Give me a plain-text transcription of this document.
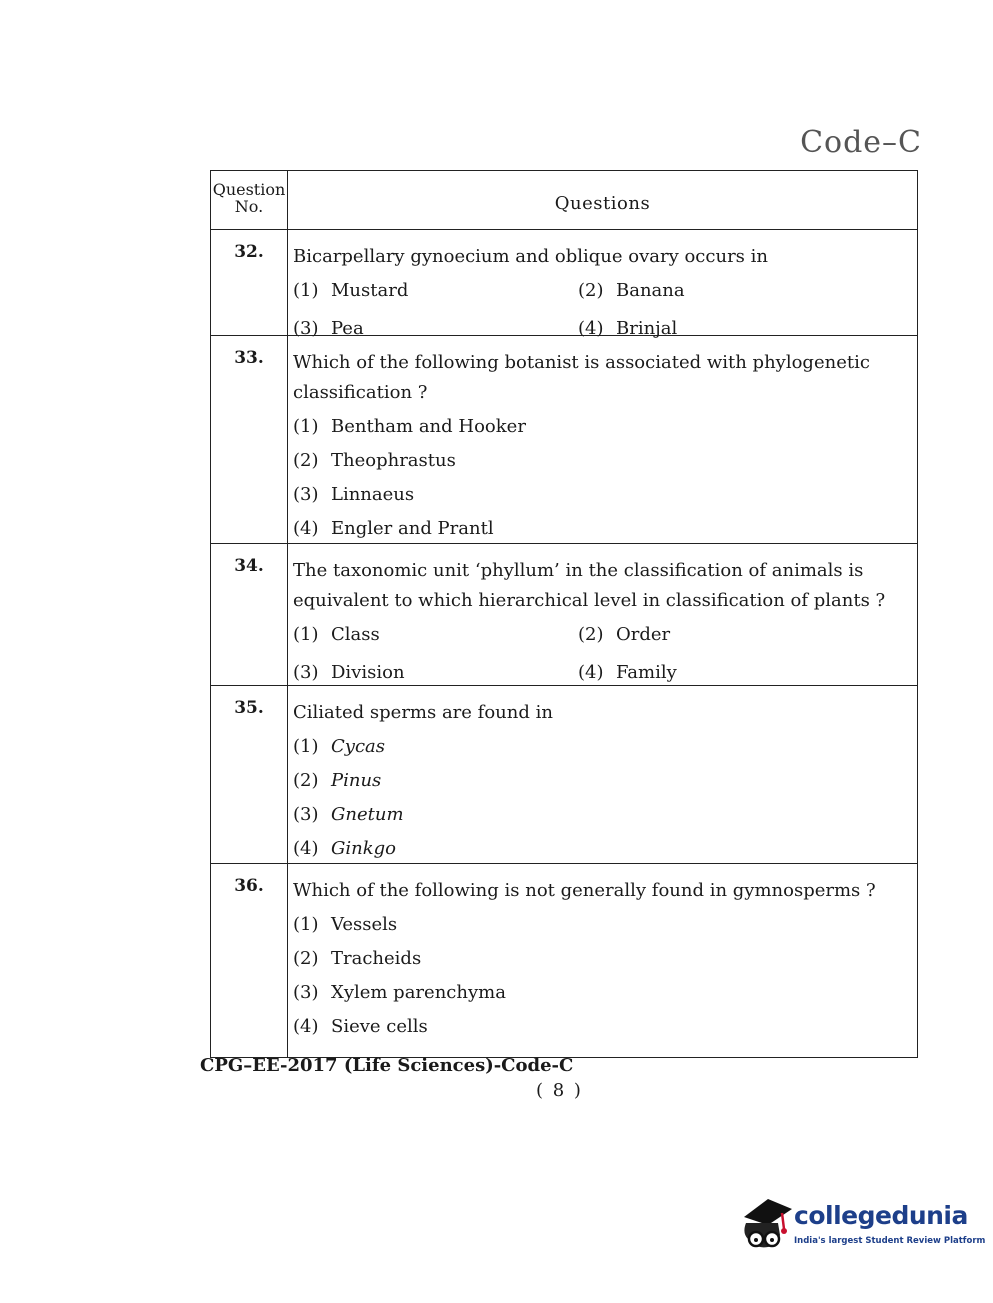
Code–C
Question No.	Questions
32.	Bicarpellary gynoecium and oblique ovary occurs in
(1) Mustard	(2) Banana
(3) Pea	(4) Brinjal
33.	Which of the following botanist is associated with phylogenetic classification ?
(1) Bentham and Hooker
(2) Theophrastus
(3) Linnaeus
(4) Engler and Prantl
34.	The taxonomic unit ‘phyllum’ in the classification of animals is equivalent to which hierarchical level in classification of plants ?
(1) Class	(2) Order
(3) Division	(4) Family
35.	Ciliated sperms are found in
(1) Cycas
(2) Pinus
(3) Gnetum
(4) Ginkgo
36.	Which of the following is not generally found in gymnosperms ?
(1) Vessels
(2) Tracheids
(3) Xylem parenchyma
(4) Sieve cells
CPG–EE-2017 (Life Sciences)-Code-C
( 8 )
collegedunia
India's largest Student Review Platform
